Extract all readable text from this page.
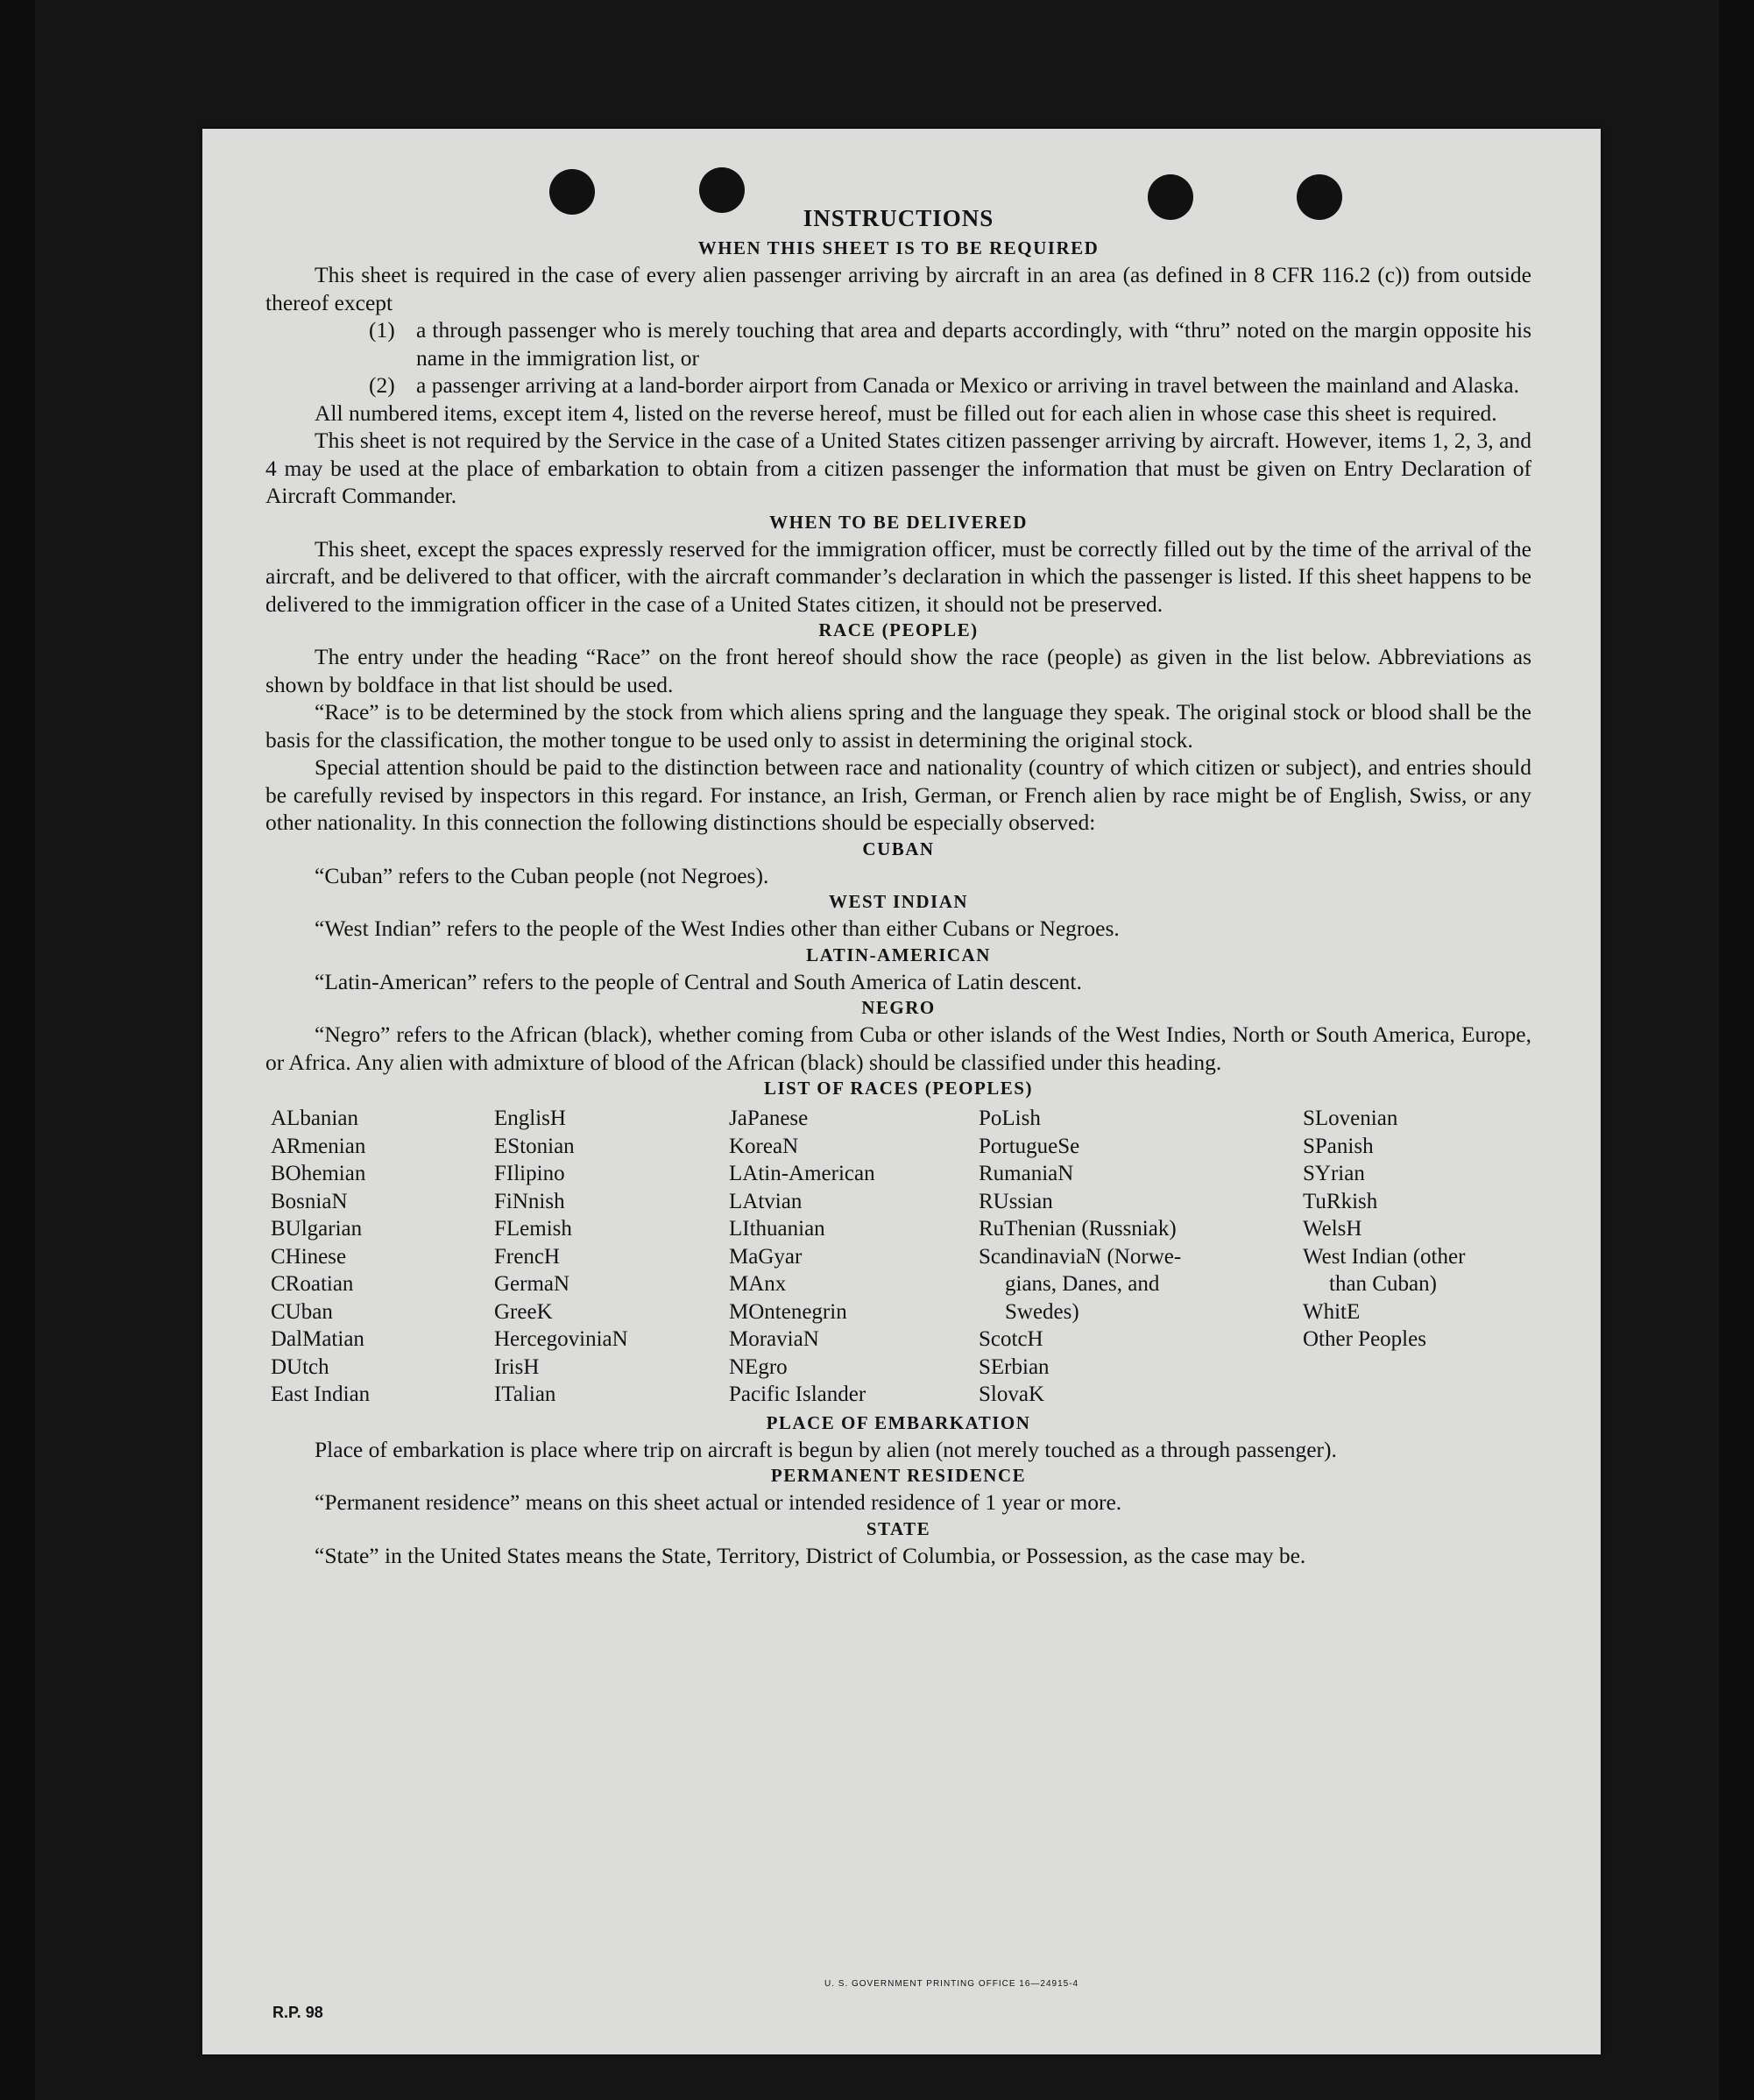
INSTRUCTIONS
WHEN THIS SHEET IS TO BE REQUIRED

This sheet is required in the case of every alien passenger arriving by aircraft in an area (as defined in 8 CFR 116.2 (c)) from outside thereof except

(1) a through passenger who is merely touching that area and departs accordingly, with “thru” noted on the margin opposite his name in the immigration list, or
(2) a passenger arriving at a land-border airport from Canada or Mexico or arriving in travel between the mainland and Alaska.

All numbered items, except item 4, listed on the reverse hereof, must be filled out for each alien in whose case this sheet is required.

This sheet is not required by the Service in the case of a United States citizen passenger arriving by aircraft. However, items 1, 2, 3, and 4 may be used at the place of embarkation to obtain from a citizen passenger the information that must be given on Entry Declaration of Aircraft Commander.

WHEN TO BE DELIVERED

This sheet, except the spaces expressly reserved for the immigration officer, must be correctly filled out by the time of the arrival of the aircraft, and be delivered to that officer, with the aircraft commander’s declaration in which the passenger is listed. If this sheet happens to be delivered to the immigration officer in the case of a United States citizen, it should not be preserved.

RACE (PEOPLE)

The entry under the heading “Race” on the front hereof should show the race (people) as given in the list below. Abbreviations as shown by boldface in that list should be used.

“Race” is to be determined by the stock from which aliens spring and the language they speak. The original stock or blood shall be the basis for the classification, the mother tongue to be used only to assist in determining the original stock.

Special attention should be paid to the distinction between race and nationality (country of which citizen or subject), and entries should be carefully revised by inspectors in this regard. For instance, an Irish, German, or French alien by race might be of English, Swiss, or any other nationality. In this connection the following distinctions should be especially observed:

CUBAN

“Cuban” refers to the Cuban people (not Negroes).

WEST INDIAN

“West Indian” refers to the people of the West Indies other than either Cubans or Negroes.

LATIN-AMERICAN

“Latin-American” refers to the people of Central and South America of Latin descent.

NEGRO

“Negro” refers to the African (black), whether coming from Cuba or other islands of the West Indies, North or South America, Europe, or Africa. Any alien with admixture of blood of the African (black) should be classified under this heading.

LIST OF RACES (PEOPLES)
ALbanian
ARmenian
BOhemian
BosniaN
BUlgarian
CHinese
CRoatian
CUban
DalMatian
DUtch
East Indian
EnglisH
EStonian
FIlipino
FiNnish
FLemish
FrencH
GermaN
GreeK
HercegoviniaN
IrisH
ITalian
JaPanese
KoreaN
LAtin-American
LAtvian
LIthuanian
MaGyar
MAnx
MOntenegrin
MoraviaN
NEgro
Pacific Islander
PoLish
PortugueSe
RumaniaN
RUssian
RuThenian (Russniak)
ScandinaviaN (Norwe-
gians, Danes, and
Swedes)
ScotcH
SErbian
SlovaK
SLovenian
SPanish
SYrian
TuRkish
WelsH
West Indian (other
than Cuban)
WhitE
Other Peoples
PLACE OF EMBARKATION

Place of embarkation is place where trip on aircraft is begun by alien (not merely touched as a through passenger).

PERMANENT RESIDENCE

“Permanent residence” means on this sheet actual or intended residence of 1 year or more.

STATE

“State” in the United States means the State, Territory, District of Columbia, or Possession, as the case may be.

U. S. GOVERNMENT PRINTING OFFICE 16—24915-4
R.P. 98
